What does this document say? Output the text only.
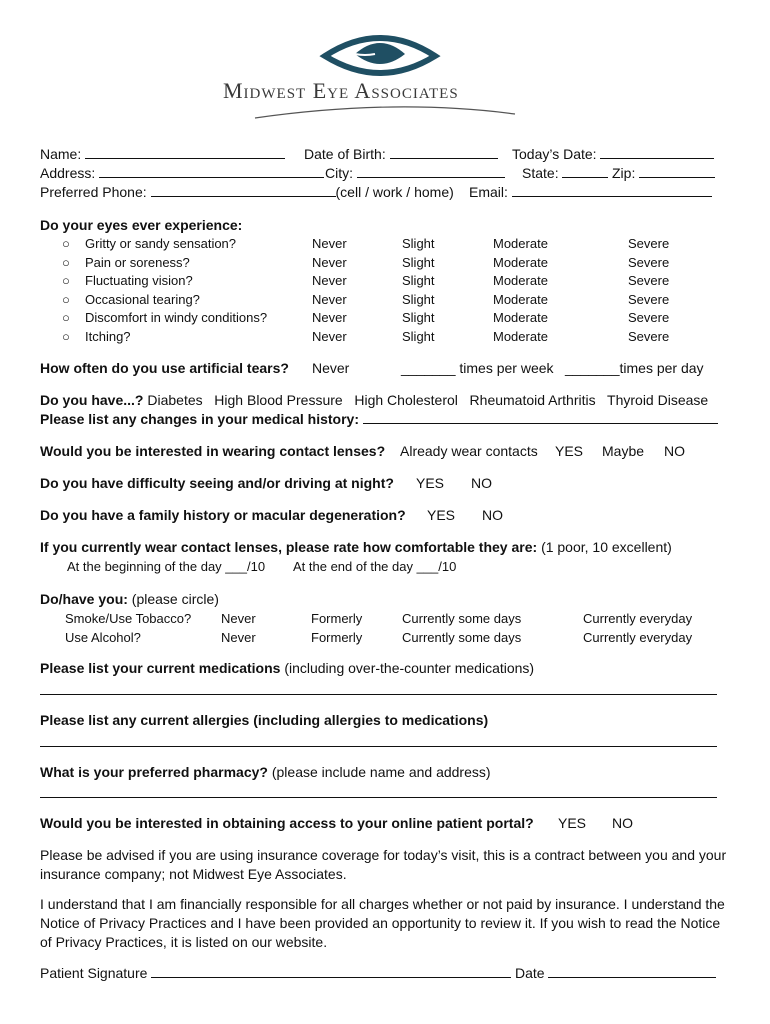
Midwest Eye Associates
Name:	Date of Birth:	Today’s Date:
Address:	City:	State:	Zip:
Preferred Phone:	(cell / work / home) Email:
Do your eyes ever experience:
○ Gritty or sandy sensation?	Never	Slight	Moderate	Severe
○ Pain or soreness?	Never	Slight	Moderate	Severe
○ Fluctuating vision?	Never	Slight	Moderate	Severe
○ Occasional tearing?	Never	Slight	Moderate	Severe
○ Discomfort in windy conditions?	Never	Slight	Moderate	Severe
○ Itching?	Never	Slight	Moderate	Severe
How often do you use artificial tears? Never	_______ times per week _______times per day
Do you have...? Diabetes High Blood Pressure High Cholesterol Rheumatoid Arthritis Thyroid Disease
Please list any changes in your medical history:
Would you be interested in wearing contact lenses? Already wear contacts YES Maybe NO
Do you have difficulty seeing and/or driving at night? YES NO
Do you have a family history or macular degeneration? YES NO
If you currently wear contact lenses, please rate how comfortable they are: (1 poor, 10 excellent)
At the beginning of the day ___/10 At the end of the day ___/10
Do/have you: (please circle)
Smoke/Use Tobacco? Never	Formerly	Currently some days	Currently everyday
Use Alcohol?	Never	Formerly	Currently some days	Currently everyday
Please list your current medications (including over-the-counter medications)
Please list any current allergies (including allergies to medications)
What is your preferred pharmacy? (please include name and address)
Would you be interested in obtaining access to your online patient portal? YES NO
Please be advised if you are using insurance coverage for today’s visit, this is a contract between you and your insurance company; not Midwest Eye Associates.
I understand that I am financially responsible for all charges whether or not paid by insurance. I understand the Notice of Privacy Practices and I have been provided an opportunity to review it. If you wish to read the Notice of Privacy Practices, it is listed on our website.
Patient Signature	Date
